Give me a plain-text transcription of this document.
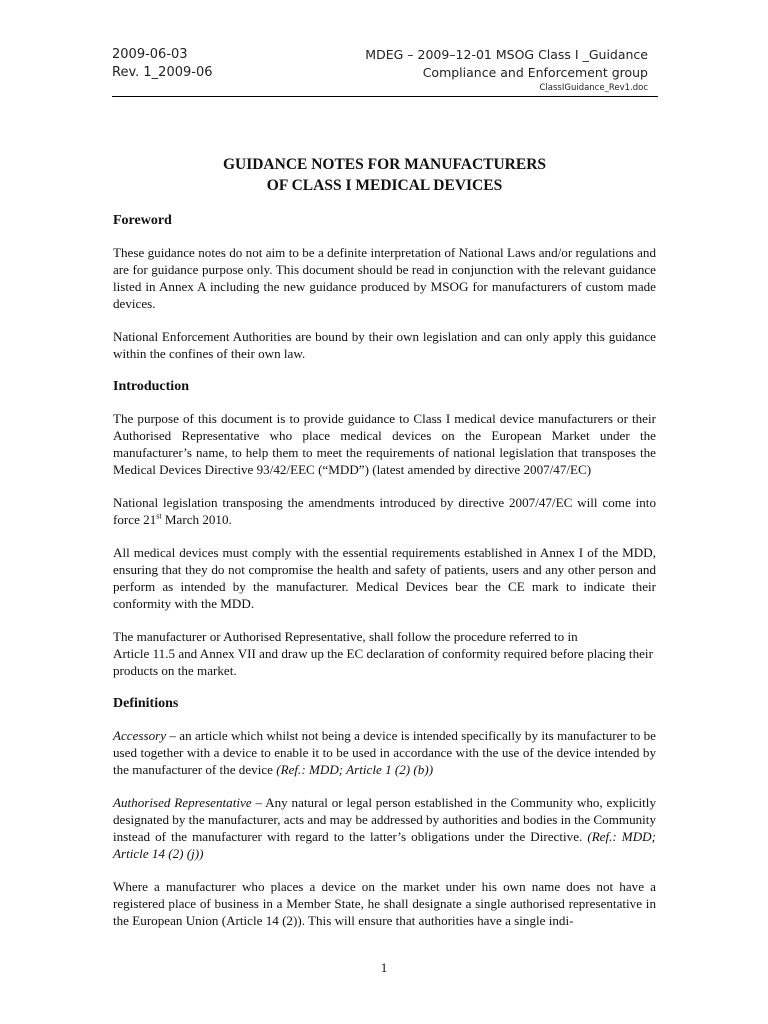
2009-06-03
Rev. 1_2009-06
MDEG – 2009–12-01 MSOG Class I _Guidance
Compliance and Enforcement group
ClassIGuidance_Rev1.doc
GUIDANCE NOTES FOR MANUFACTURERS
OF CLASS I MEDICAL DEVICES
Foreword

These guidance notes do not aim to be a definite interpretation of National Laws and/or regulations and are for guidance purpose only. This document should be read in conjunction with the relevant guidance listed in Annex A including the new guidance produced by MSOG for manufacturers of custom made devices.

National Enforcement Authorities are bound by their own legislation and can only apply this guidance within the confines of their own law.

Introduction

The purpose of this document is to provide guidance to Class I medical device manufacturers or their Authorised Representative who place medical devices on the European Market under the manufacturer’s name, to help them to meet the requirements of national legislation that transposes the Medical Devices Directive 93/42/EEC (“MDD”) (latest amended by directive 2007/47/EC)

National legislation transposing the amendments introduced by directive 2007/47/EC will come into force 21st March 2010.

All medical devices must comply with the essential requirements established in Annex I of the MDD, ensuring that they do not compromise the health and safety of patients, users and any other person and perform as intended by the manufacturer. Medical Devices bear the CE mark to indicate their conformity with the MDD.

The manufacturer or Authorised Representative, shall follow the procedure referred to in
Article 11.5 and Annex VII and draw up the EC declaration of conformity required before placing their products on the market.

Definitions

Accessory – an article which whilst not being a device is intended specifically by its manufacturer to be used together with a device to enable it to be used in accordance with the use of the device intended by the manufacturer of the device (Ref.: MDD; Article 1 (2) (b))

Authorised Representative – Any natural or legal person established in the Community who, explicitly designated by the manufacturer, acts and may be addressed by authorities and bodies in the Community instead of the manufacturer with regard to the latter’s obligations under the Directive. (Ref.: MDD; Article 14 (2) (j))

Where a manufacturer who places a device on the market under his own name does not have a registered place of business in a Member State, he shall designate a single authorised representative in the European Union (Article 14 (2)). This will ensure that authorities have a single indi-

1
